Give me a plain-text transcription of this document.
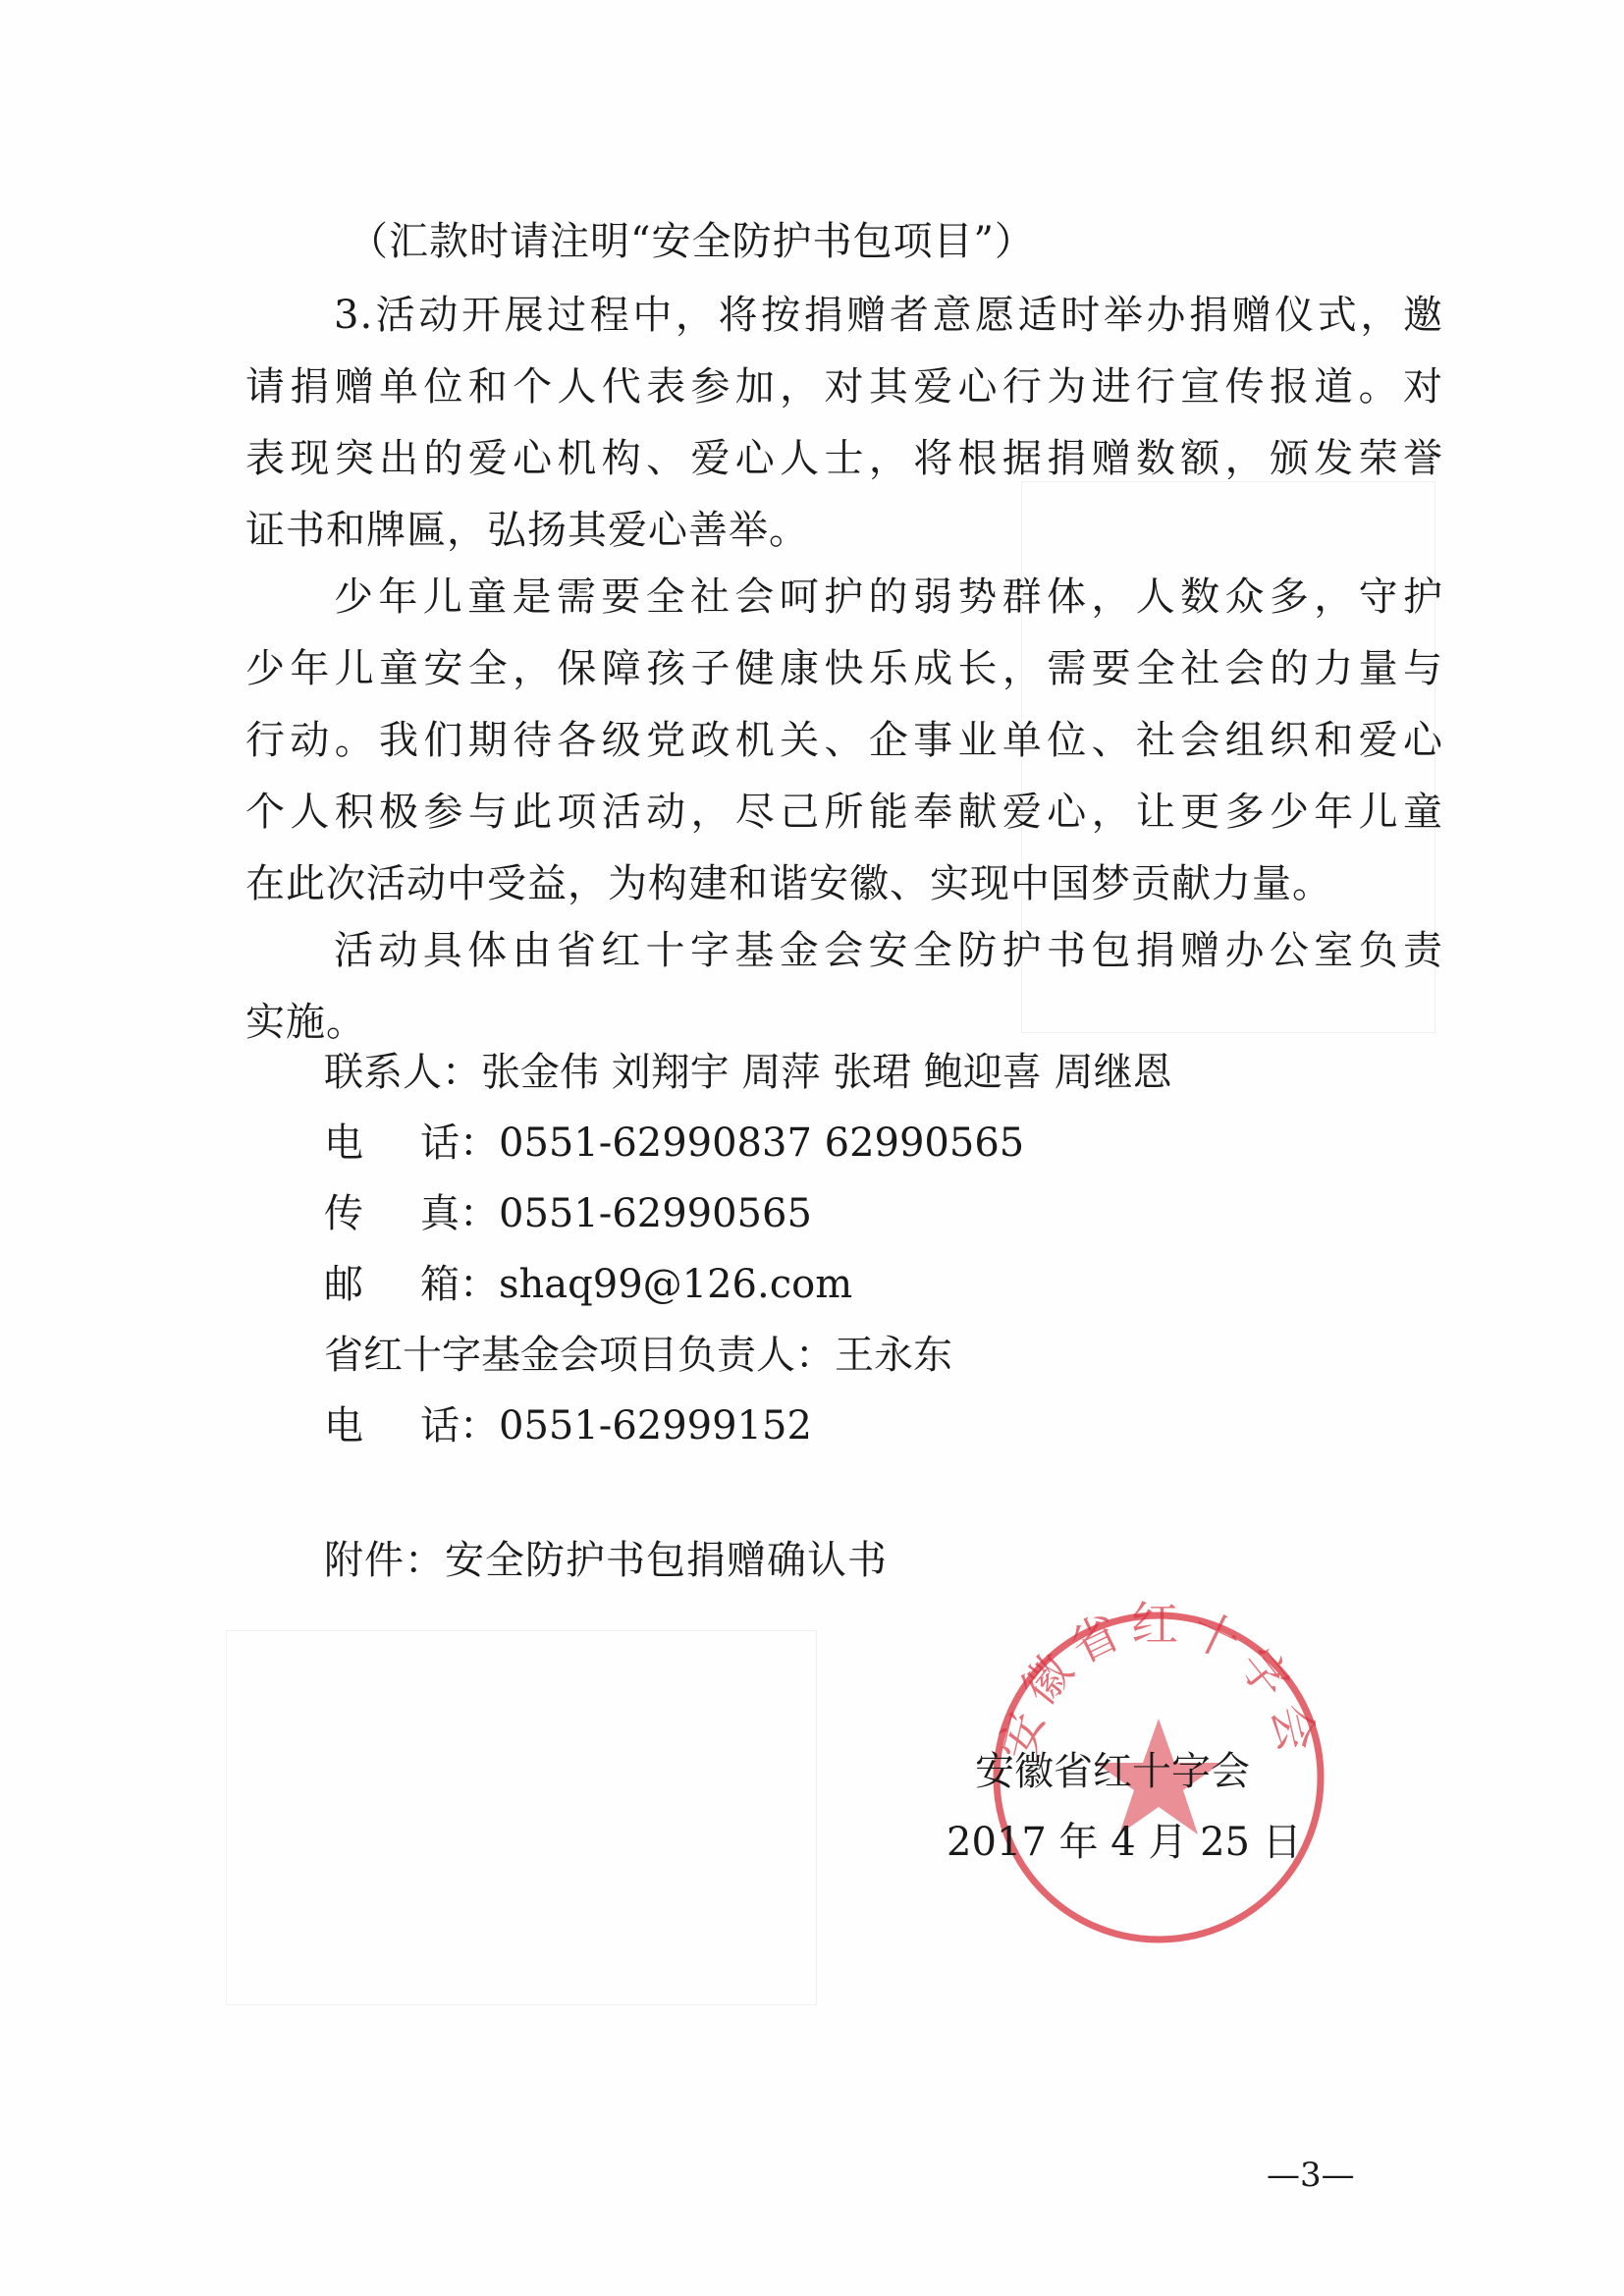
（汇款时请注明“安全防护书包项目”）
3.活动开展过程中，将按捐赠者意愿适时举办捐赠仪式，邀
请捐赠单位和个人代表参加，对其爱心行为进行宣传报道。对
表现突出的爱心机构、爱心人士，将根据捐赠数额，颁发荣誉
证书和牌匾，弘扬其爱心善举。
少年儿童是需要全社会呵护的弱势群体，人数众多，守护
少年儿童安全，保障孩子健康快乐成长，需要全社会的力量与
行动。我们期待各级党政机关、企事业单位、社会组织和爱心
个人积极参与此项活动，尽己所能奉献爱心，让更多少年儿童
在此次活动中受益，为构建和谐安徽、实现中国梦贡献力量。
活动具体由省红十字基金会安全防护书包捐赠办公室负责
实施。
联系人：张金伟 刘翔宇 周萍 张珺 鲍迎喜 周继恩
电话：0551-62990837 62990565
传真：0551-62990565
邮箱：shaq99@126.com
省红十字基金会项目负责人：王永东
电话：0551-62999152
附件：安全防护书包捐赠确认书
安徽省红十字会
安徽省红十字会
2017 年 4 月 25 日
—3—
